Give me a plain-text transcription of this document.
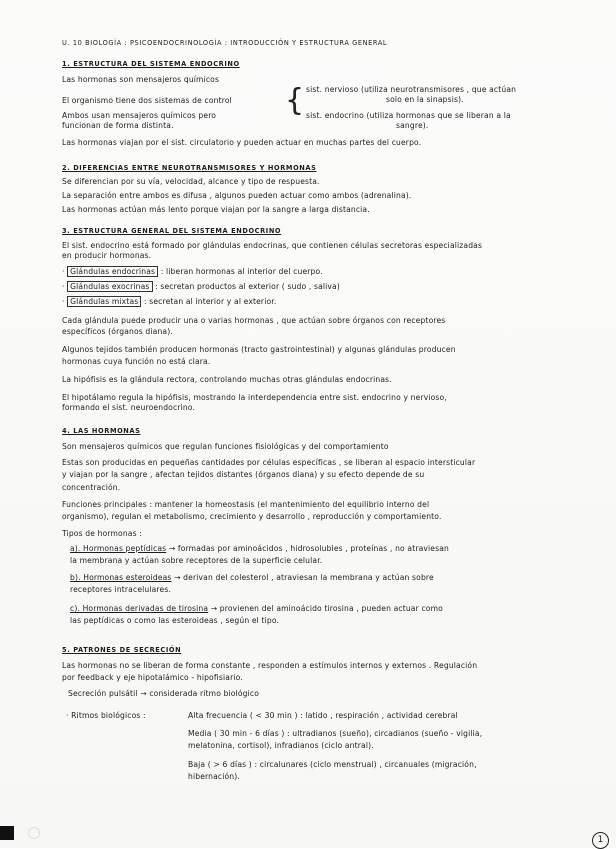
U. 10 BIOLOGÍA : PSICOENDOCRINOLOGÍA : INTRODUCCIÓN Y ESTRUCTURA GENERAL
1. ESTRUCTURA DEL SISTEMA ENDOCRINO
Las hormonas son mensajeros químicos
El organismo tiene dos sistemas de control
Ambos usan mensajeros químicos pero
funcionan de forma distinta.
{ sist. nervioso (utiliza neurotransmisores , que actúan
solo en la sinapsis).
sist. endocrino (utiliza hormonas que se liberan a la
sangre).
Las hormonas viajan por el sist. circulatorio y pueden actuar en muchas partes del cuerpo.
2. DIFERENCIAS ENTRE NEUROTRANSMISORES Y HORMONAS
Se diferencian por su vía, velocidad, alcance y tipo de respuesta.
La separación entre ambos es difusa , algunos pueden actuar como ambos (adrenalina).
Las hormonas actúan más lento porque viajan por la sangre a larga distancia.
3. ESTRUCTURA GENERAL DEL SISTEMA ENDOCRINO
El sist. endocrino está formado por glándulas endocrinas, que contienen células secretoras especializadas
en producir hormonas.
· Glándulas endocrinas : liberan hormonas al interior del cuerpo.
· Glándulas exocrinas : secretan productos al exterior ( sudo , saliva)
· Glándulas mixtas : secretan al interior y al exterior.
Cada glándula puede producir una o varias hormonas , que actúan sobre órganos con receptores
específicos (órganos diana).
Algunos tejidos también producen hormonas (tracto gastrointestinal) y algunas glándulas producen
hormonas cuya función no está clara.
La hipófisis es la glándula rectora, controlando muchas otras glándulas endocrinas.
El hipotálamo regula la hipófisis, mostrando la interdependencia entre sist. endocrino y nervioso,
formando el sist. neuroendocrino.
4. LAS HORMONAS
Son mensajeros químicos que regulan funciones fisiológicas y del comportamiento
Estas son producidas en pequeñas cantidades por células específicas , se liberan al espacio intersticular
y viajan por la sangre , afectan tejidos distantes (órganos diana) y su efecto depende de su
concentración.
Funciones principales : mantener la homeostasis (el mantenimiento del equilibrio interno del
organismo), regulan el metabolismo, crecimiento y desarrollo , reproducción y comportamiento.
Tipos de hormonas :
a). Hormonas peptídicas → formadas por aminoácidos , hidrosolubles , proteínas , no atraviesan
la membrana y actúan sobre receptores de la superficie celular.
b). Hormonas esteroideas → derivan del colesterol , atraviesan la membrana y actúan sobre
receptores intracelulares.
c). Hormonas derivadas de tirosina → provienen del aminoácido tirosina , pueden actuar como
las peptídicas o como las esteroideas , según el tipo.
5. PATRONES DE SECRECIÓN
Las hormonas no se liberan de forma constante , responden a estímulos internos y externos . Regulación
por feedback y eje hipotalámico - hipofisiario.
Secreción pulsátil → considerada ritmo biológico
· Ritmos biológicos :	Alta frecuencia ( < 30 min ) : latido , respiración , actividad cerebral
Media ( 30 min - 6 días ) : ultradianos (sueño), circadianos (sueño - vigilia,
melatonina, cortisol), infradianos (ciclo antral).
Baja ( > 6 días ) : circalunares (ciclo menstrual) , circanuales (migración,
hibernación).
1
